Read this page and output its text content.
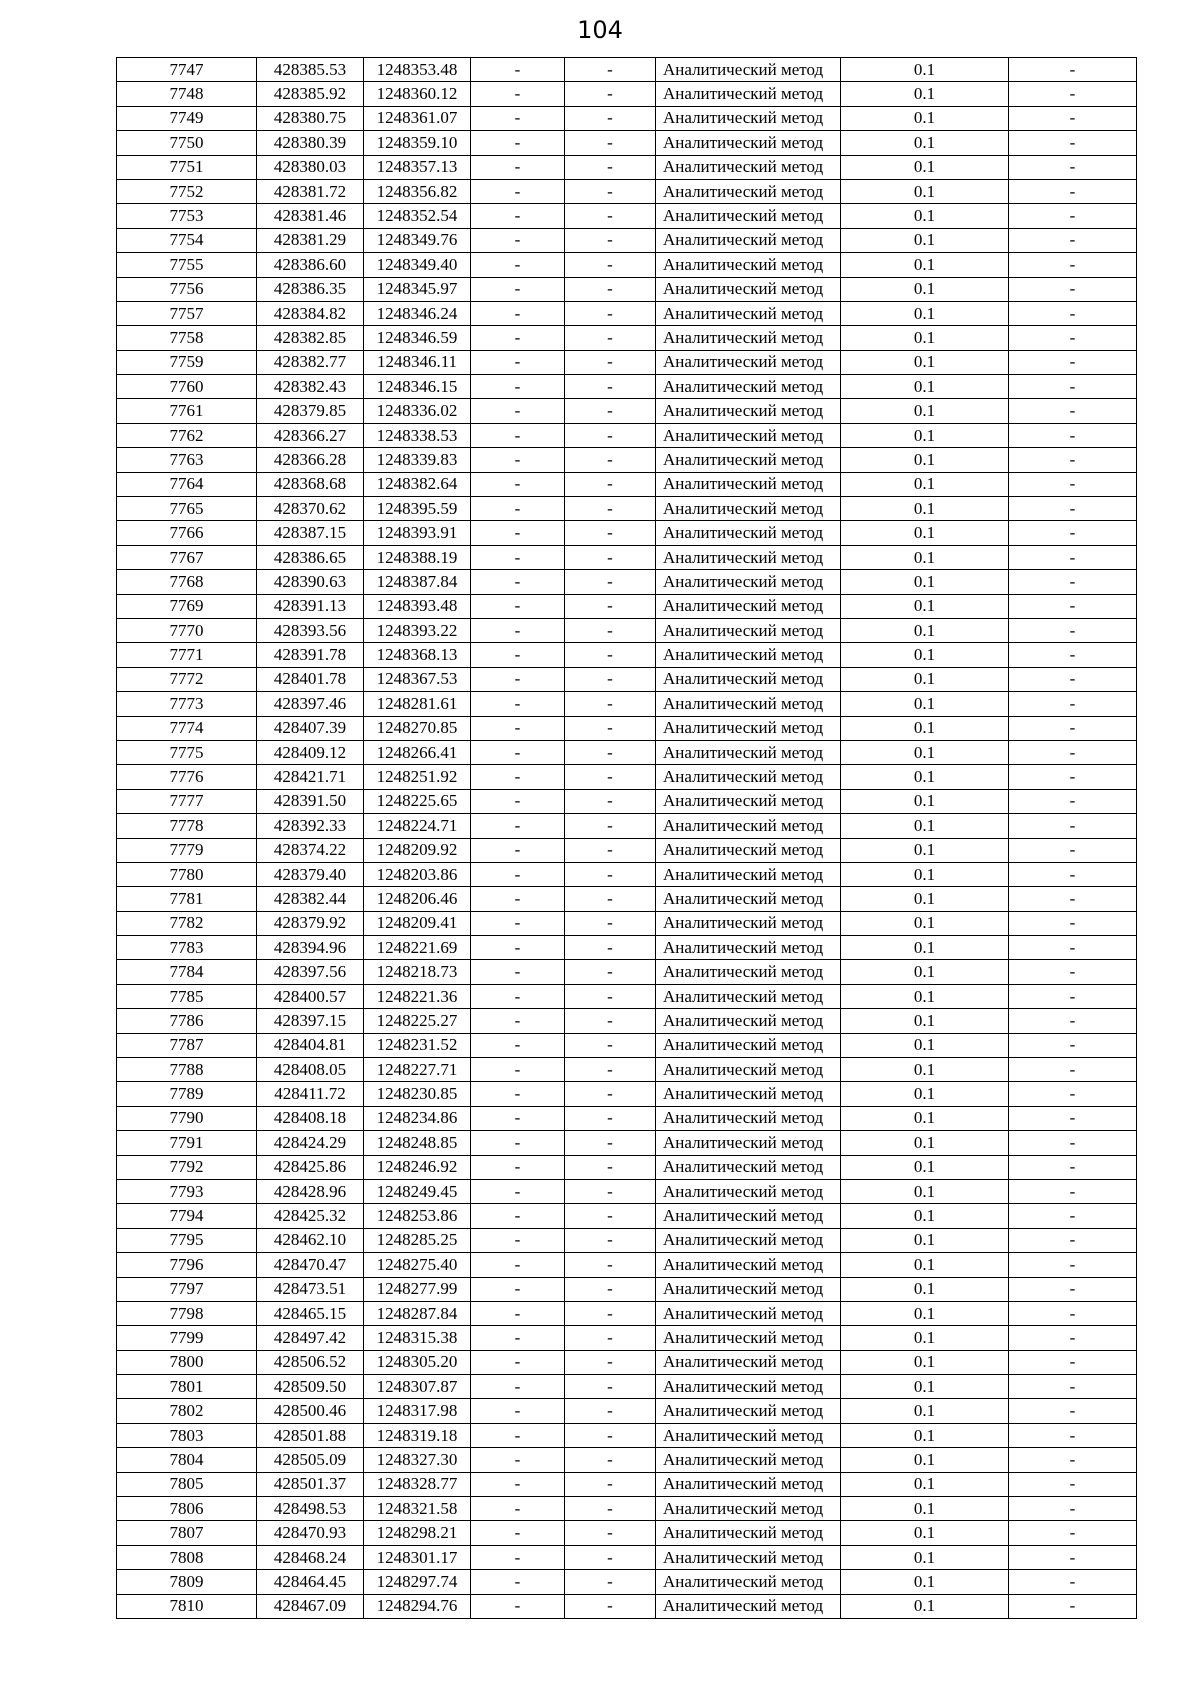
104
7747	428385.53	1248353.48	-	-	Аналитический метод	0.1	-
7748	428385.92	1248360.12	-	-	Аналитический метод	0.1	-
7749	428380.75	1248361.07	-	-	Аналитический метод	0.1	-
7750	428380.39	1248359.10	-	-	Аналитический метод	0.1	-
7751	428380.03	1248357.13	-	-	Аналитический метод	0.1	-
7752	428381.72	1248356.82	-	-	Аналитический метод	0.1	-
7753	428381.46	1248352.54	-	-	Аналитический метод	0.1	-
7754	428381.29	1248349.76	-	-	Аналитический метод	0.1	-
7755	428386.60	1248349.40	-	-	Аналитический метод	0.1	-
7756	428386.35	1248345.97	-	-	Аналитический метод	0.1	-
7757	428384.82	1248346.24	-	-	Аналитический метод	0.1	-
7758	428382.85	1248346.59	-	-	Аналитический метод	0.1	-
7759	428382.77	1248346.11	-	-	Аналитический метод	0.1	-
7760	428382.43	1248346.15	-	-	Аналитический метод	0.1	-
7761	428379.85	1248336.02	-	-	Аналитический метод	0.1	-
7762	428366.27	1248338.53	-	-	Аналитический метод	0.1	-
7763	428366.28	1248339.83	-	-	Аналитический метод	0.1	-
7764	428368.68	1248382.64	-	-	Аналитический метод	0.1	-
7765	428370.62	1248395.59	-	-	Аналитический метод	0.1	-
7766	428387.15	1248393.91	-	-	Аналитический метод	0.1	-
7767	428386.65	1248388.19	-	-	Аналитический метод	0.1	-
7768	428390.63	1248387.84	-	-	Аналитический метод	0.1	-
7769	428391.13	1248393.48	-	-	Аналитический метод	0.1	-
7770	428393.56	1248393.22	-	-	Аналитический метод	0.1	-
7771	428391.78	1248368.13	-	-	Аналитический метод	0.1	-
7772	428401.78	1248367.53	-	-	Аналитический метод	0.1	-
7773	428397.46	1248281.61	-	-	Аналитический метод	0.1	-
7774	428407.39	1248270.85	-	-	Аналитический метод	0.1	-
7775	428409.12	1248266.41	-	-	Аналитический метод	0.1	-
7776	428421.71	1248251.92	-	-	Аналитический метод	0.1	-
7777	428391.50	1248225.65	-	-	Аналитический метод	0.1	-
7778	428392.33	1248224.71	-	-	Аналитический метод	0.1	-
7779	428374.22	1248209.92	-	-	Аналитический метод	0.1	-
7780	428379.40	1248203.86	-	-	Аналитический метод	0.1	-
7781	428382.44	1248206.46	-	-	Аналитический метод	0.1	-
7782	428379.92	1248209.41	-	-	Аналитический метод	0.1	-
7783	428394.96	1248221.69	-	-	Аналитический метод	0.1	-
7784	428397.56	1248218.73	-	-	Аналитический метод	0.1	-
7785	428400.57	1248221.36	-	-	Аналитический метод	0.1	-
7786	428397.15	1248225.27	-	-	Аналитический метод	0.1	-
7787	428404.81	1248231.52	-	-	Аналитический метод	0.1	-
7788	428408.05	1248227.71	-	-	Аналитический метод	0.1	-
7789	428411.72	1248230.85	-	-	Аналитический метод	0.1	-
7790	428408.18	1248234.86	-	-	Аналитический метод	0.1	-
7791	428424.29	1248248.85	-	-	Аналитический метод	0.1	-
7792	428425.86	1248246.92	-	-	Аналитический метод	0.1	-
7793	428428.96	1248249.45	-	-	Аналитический метод	0.1	-
7794	428425.32	1248253.86	-	-	Аналитический метод	0.1	-
7795	428462.10	1248285.25	-	-	Аналитический метод	0.1	-
7796	428470.47	1248275.40	-	-	Аналитический метод	0.1	-
7797	428473.51	1248277.99	-	-	Аналитический метод	0.1	-
7798	428465.15	1248287.84	-	-	Аналитический метод	0.1	-
7799	428497.42	1248315.38	-	-	Аналитический метод	0.1	-
7800	428506.52	1248305.20	-	-	Аналитический метод	0.1	-
7801	428509.50	1248307.87	-	-	Аналитический метод	0.1	-
7802	428500.46	1248317.98	-	-	Аналитический метод	0.1	-
7803	428501.88	1248319.18	-	-	Аналитический метод	0.1	-
7804	428505.09	1248327.30	-	-	Аналитический метод	0.1	-
7805	428501.37	1248328.77	-	-	Аналитический метод	0.1	-
7806	428498.53	1248321.58	-	-	Аналитический метод	0.1	-
7807	428470.93	1248298.21	-	-	Аналитический метод	0.1	-
7808	428468.24	1248301.17	-	-	Аналитический метод	0.1	-
7809	428464.45	1248297.74	-	-	Аналитический метод	0.1	-
7810	428467.09	1248294.76	-	-	Аналитический метод	0.1	-
